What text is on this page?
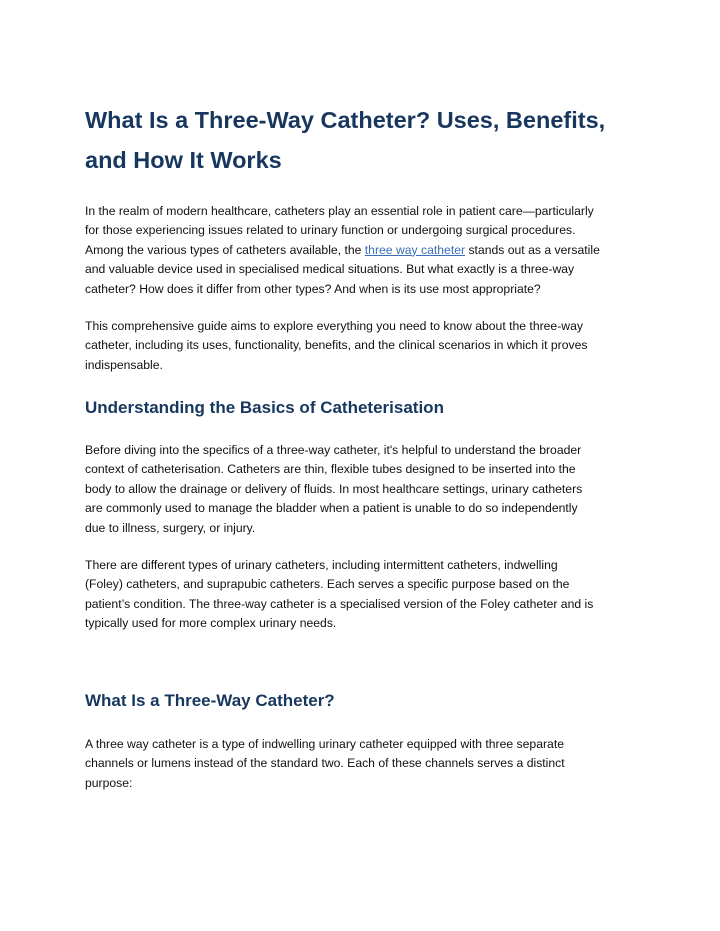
What Is a Three-Way Catheter? Uses, Benefits,
and How It Works
In the realm of modern healthcare, catheters play an essential role in patient care—particularly
for those experiencing issues related to urinary function or undergoing surgical procedures.
Among the various types of catheters available, the three way catheter stands out as a versatile
and valuable device used in specialised medical situations. But what exactly is a three-way
catheter? How does it differ from other types? And when is its use most appropriate?
This comprehensive guide aims to explore everything you need to know about the three-way
catheter, including its uses, functionality, benefits, and the clinical scenarios in which it proves
indispensable.
Understanding the Basics of Catheterisation
Before diving into the specifics of a three-way catheter, it's helpful to understand the broader
context of catheterisation. Catheters are thin, flexible tubes designed to be inserted into the
body to allow the drainage or delivery of fluids. In most healthcare settings, urinary catheters
are commonly used to manage the bladder when a patient is unable to do so independently
due to illness, surgery, or injury.
There are different types of urinary catheters, including intermittent catheters, indwelling
(Foley) catheters, and suprapubic catheters. Each serves a specific purpose based on the
patient’s condition. The three-way catheter is a specialised version of the Foley catheter and is
typically used for more complex urinary needs.
What Is a Three-Way Catheter?
A three way catheter is a type of indwelling urinary catheter equipped with three separate
channels or lumens instead of the standard two. Each of these channels serves a distinct
purpose:
